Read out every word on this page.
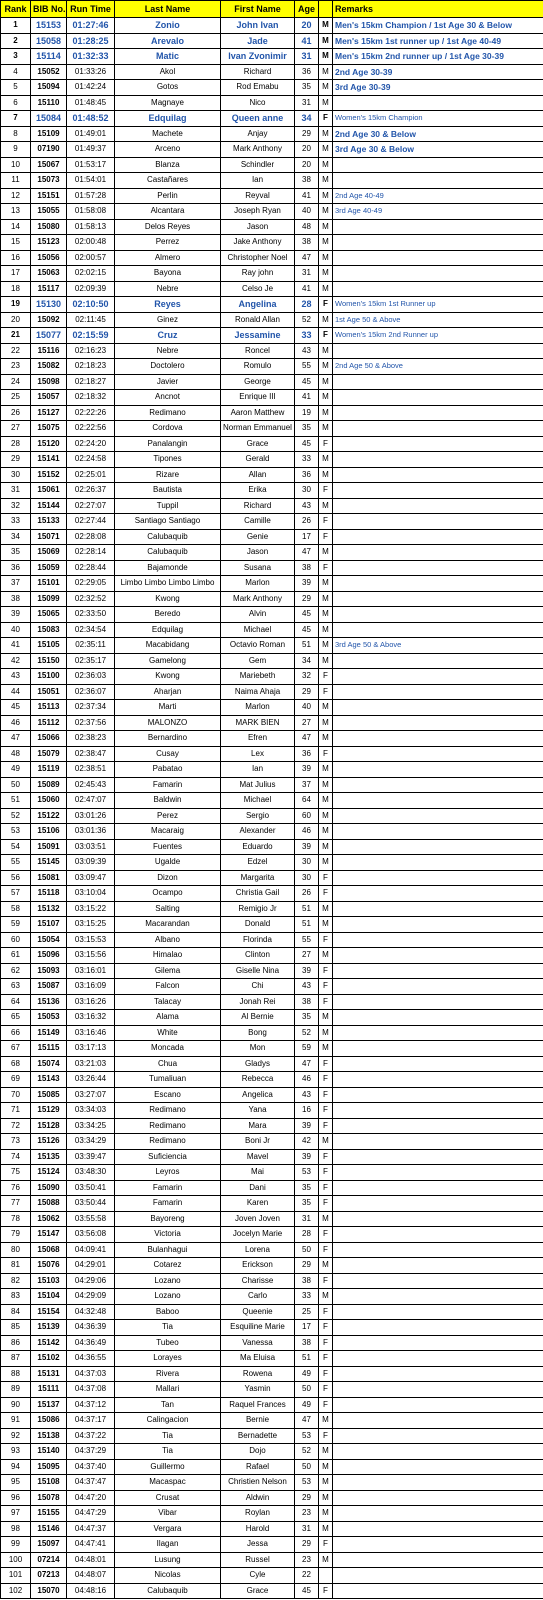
Rank	BIB No.	Run Time	Last Name	First Name	Age		Remarks
1	15153	01:27:46	Zonio	John Ivan	20	M	Men's 15km Champion / 1st Age 30 & Below
2	15058	01:28:25	Arevalo	Jade	41	M	Men's 15km 1st runner up / 1st Age 40-49
3	15114	01:32:33	Matic	Ivan Zvonimir	31	M	Men's 15km 2nd runner up / 1st Age 30-39
4	15052	01:33:26	Akol	Richard	36	M	2nd Age 30-39
5	15094	01:42:24	Gotos	Rod Emabu	35	M	3rd Age 30-39
6	15110	01:48:45	Magnaye	Nico	31	M	
7	15084	01:48:52	Edquilag	Queen anne	34	F	Women's 15km Champion
8	15109	01:49:01	Machete	Anjay	29	M	2nd Age 30 & Below
9	07190	01:49:37	Arceno	Mark Anthony	20	M	3rd Age 30 & Below
10	15067	01:53:17	Blanza	Schindler	20	M	
11	15073	01:54:01	Castañares	Ian	38	M	
12	15151	01:57:28	Perlin	Reyval	41	M	2nd Age 40-49
13	15055	01:58:08	Alcantara	Joseph Ryan	40	M	3rd Age 40-49
14	15080	01:58:13	Delos Reyes	Jason	48	M	
15	15123	02:00:48	Perrez	Jake Anthony	38	M	
16	15056	02:00:57	Almero	Christopher Noel	47	M	
17	15063	02:02:15	Bayona	Ray john	31	M	
18	15117	02:09:39	Nebre	Celso Je	41	M	
19	15130	02:10:50	Reyes	Angelina	28	F	Women's 15km 1st Runner up
20	15092	02:11:45	Ginez	Ronald Allan	52	M	1st Age 50 & Above
21	15077	02:15:59	Cruz	Jessamine	33	F	Women's 15km 2nd Runner up
22	15116	02:16:23	Nebre	Roncel	43	M	
23	15082	02:18:23	Doctolero	Romulo	55	M	2nd Age 50 & Above
24	15098	02:18:27	Javier	George	45	M	
25	15057	02:18:32	Ancnot	Enrique III	41	M	
26	15127	02:22:26	Redimano	Aaron Matthew	19	M	
27	15075	02:22:56	Cordova	Norman Emmanuel	35	M	
28	15120	02:24:20	Panalangin	Grace	45	F	
29	15141	02:24:58	Tipones	Gerald	33	M	
30	15152	02:25:01	Rizare	Allan	36	M	
31	15061	02:26:37	Bautista	Erika	30	F	
32	15144	02:27:07	Tuppil	Richard	43	M	
33	15133	02:27:44	Santiago Santiago	Camille	26	F	
34	15071	02:28:08	Calubaquib	Genie	17	F	
35	15069	02:28:14	Calubaquib	Jason	47	M	
36	15059	02:28:44	Bajamonde	Susana	38	F	
37	15101	02:29:05	Limbo Limbo Limbo Limbo	Marlon	39	M	
38	15099	02:32:52	Kwong	Mark Anthony	29	M	
39	15065	02:33:50	Beredo	Alvin	45	M	
40	15083	02:34:54	Edquilag	Michael	45	M	
41	15105	02:35:11	Macabidang	Octavio Roman	51	M	3rd Age 50 & Above
42	15150	02:35:17	Gamelong	Gem	34	M	
43	15100	02:36:03	Kwong	Mariebeth	32	F	
44	15051	02:36:07	Aharjan	Naima Ahaja	29	F	
45	15113	02:37:34	Marti	Marlon	40	M	
46	15112	02:37:56	MALONZO	MARK BIEN	27	M	
47	15066	02:38:23	Bernardino	Efren	47	M	
48	15079	02:38:47	Cusay	Lex	36	F	
49	15119	02:38:51	Pabatao	Ian	39	M	
50	15089	02:45:43	Famarin	Mat Julius	37	M	
51	15060	02:47:07	Baldwin	Michael	64	M	
52	15122	03:01:26	Perez	Sergio	60	M	
53	15106	03:01:36	Macaraig	Alexander	46	M	
54	15091	03:03:51	Fuentes	Eduardo	39	M	
55	15145	03:09:39	Ugalde	Edzel	30	M	
56	15081	03:09:47	Dizon	Margarita	30	F	
57	15118	03:10:04	Ocampo	Christia Gail	26	F	
58	15132	03:15:22	Salting	Remigio Jr	51	M	
59	15107	03:15:25	Macarandan	Donald	51	M	
60	15054	03:15:53	Albano	Florinda	55	F	
61	15096	03:15:56	Himalao	Clinton	27	M	
62	15093	03:16:01	Gilema	Giselle Nina	39	F	
63	15087	03:16:09	Falcon	Chi	43	F	
64	15136	03:16:26	Talacay	Jonah Rei	38	F	
65	15053	03:16:32	Alama	Al Bernie	35	M	
66	15149	03:16:46	White	Bong	52	M	
67	15115	03:17:13	Moncada	Mon	59	M	
68	15074	03:21:03	Chua	Gladys	47	F	
69	15143	03:26:44	Tumaliuan	Rebecca	46	F	
70	15085	03:27:07	Escano	Angelica	43	F	
71	15129	03:34:03	Redimano	Yana	16	F	
72	15128	03:34:25	Redimano	Mara	39	F	
73	15126	03:34:29	Redimano	Boni Jr	42	M	
74	15135	03:39:47	Suficiencia	Mavel	39	F	
75	15124	03:48:30	Leyros	Mai	53	F	
76	15090	03:50:41	Famarin	Dani	35	F	
77	15088	03:50:44	Famarin	Karen	35	F	
78	15062	03:55:58	Bayoreng	Joven Joven	31	M	
79	15147	03:56:08	Victoria	Jocelyn Marie	28	F	
80	15068	04:09:41	Bulanhagui	Lorena	50	F	
81	15076	04:29:01	Cotarez	Erickson	29	M	
82	15103	04:29:06	Lozano	Charisse	38	F	
83	15104	04:29:09	Lozano	Carlo	33	M	
84	15154	04:32:48	Baboo	Queenie	25	F	
85	15139	04:36:39	Tia	Esquiline Marie	17	F	
86	15142	04:36:49	Tubeo	Vanessa	38	F	
87	15102	04:36:55	Lorayes	Ma Eluisa	51	F	
88	15131	04:37:03	Rivera	Rowena	49	F	
89	15111	04:37:08	Mallari	Yasmin	50	F	
90	15137	04:37:12	Tan	Raquel Frances	49	F	
91	15086	04:37:17	Calingacion	Bernie	47	M	
92	15138	04:37:22	Tia	Bernadette	53	F	
93	15140	04:37:29	Tia	Dojo	52	M	
94	15095	04:37:40	Guillermo	Rafael	50	M	
95	15108	04:37:47	Macaspac	Christien Nelson	53	M	
96	15078	04:47:20	Crusat	Aldwin	29	M	
97	15155	04:47:29	Vibar	Roylan	23	M	
98	15146	04:47:37	Vergara	Harold	31	M	
99	15097	04:47:41	Ilagan	Jessa	29	F	
100	07214	04:48:01	Lusung	Russel	23	M	
101	07213	04:48:07	Nicolas	Cyle	22		
102	15070	04:48:16	Calubaquib	Grace	45	F	
